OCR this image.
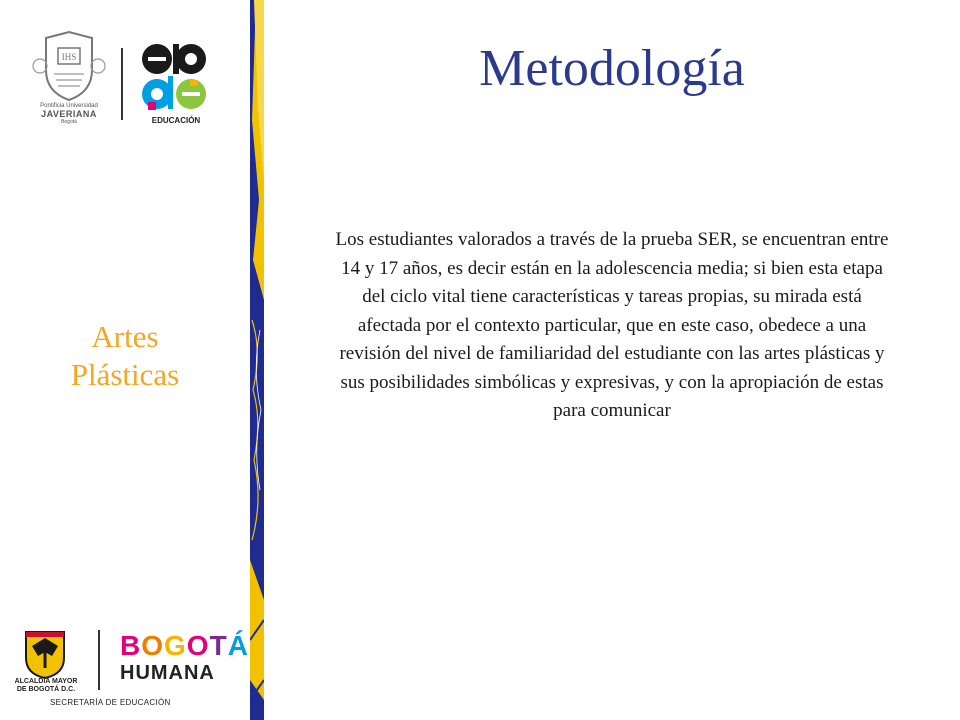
IHS
Pontificia Universidad
JAVERIANA
Bogotá	EDUCACIÓN
Artes
Plásticas
ALCALDÍA MAYOR
DE BOGOTÁ D.C.
BOGOTÁ
HUMANA
SECRETARÍA DE EDUCACIÓN
Metodología
Los estudiantes valorados a través de la prueba SER, se encuentran entre 14 y 17 años, es decir están en la adolescencia media; si bien esta etapa del ciclo vital tiene características y tareas propias, su mirada está afectada por el contexto particular, que en este caso, obedece a una revisión del nivel de familiaridad del estudiante con las artes plásticas y sus posibilidades simbólicas y expresivas, y con la apropiación de estas para comunicar
